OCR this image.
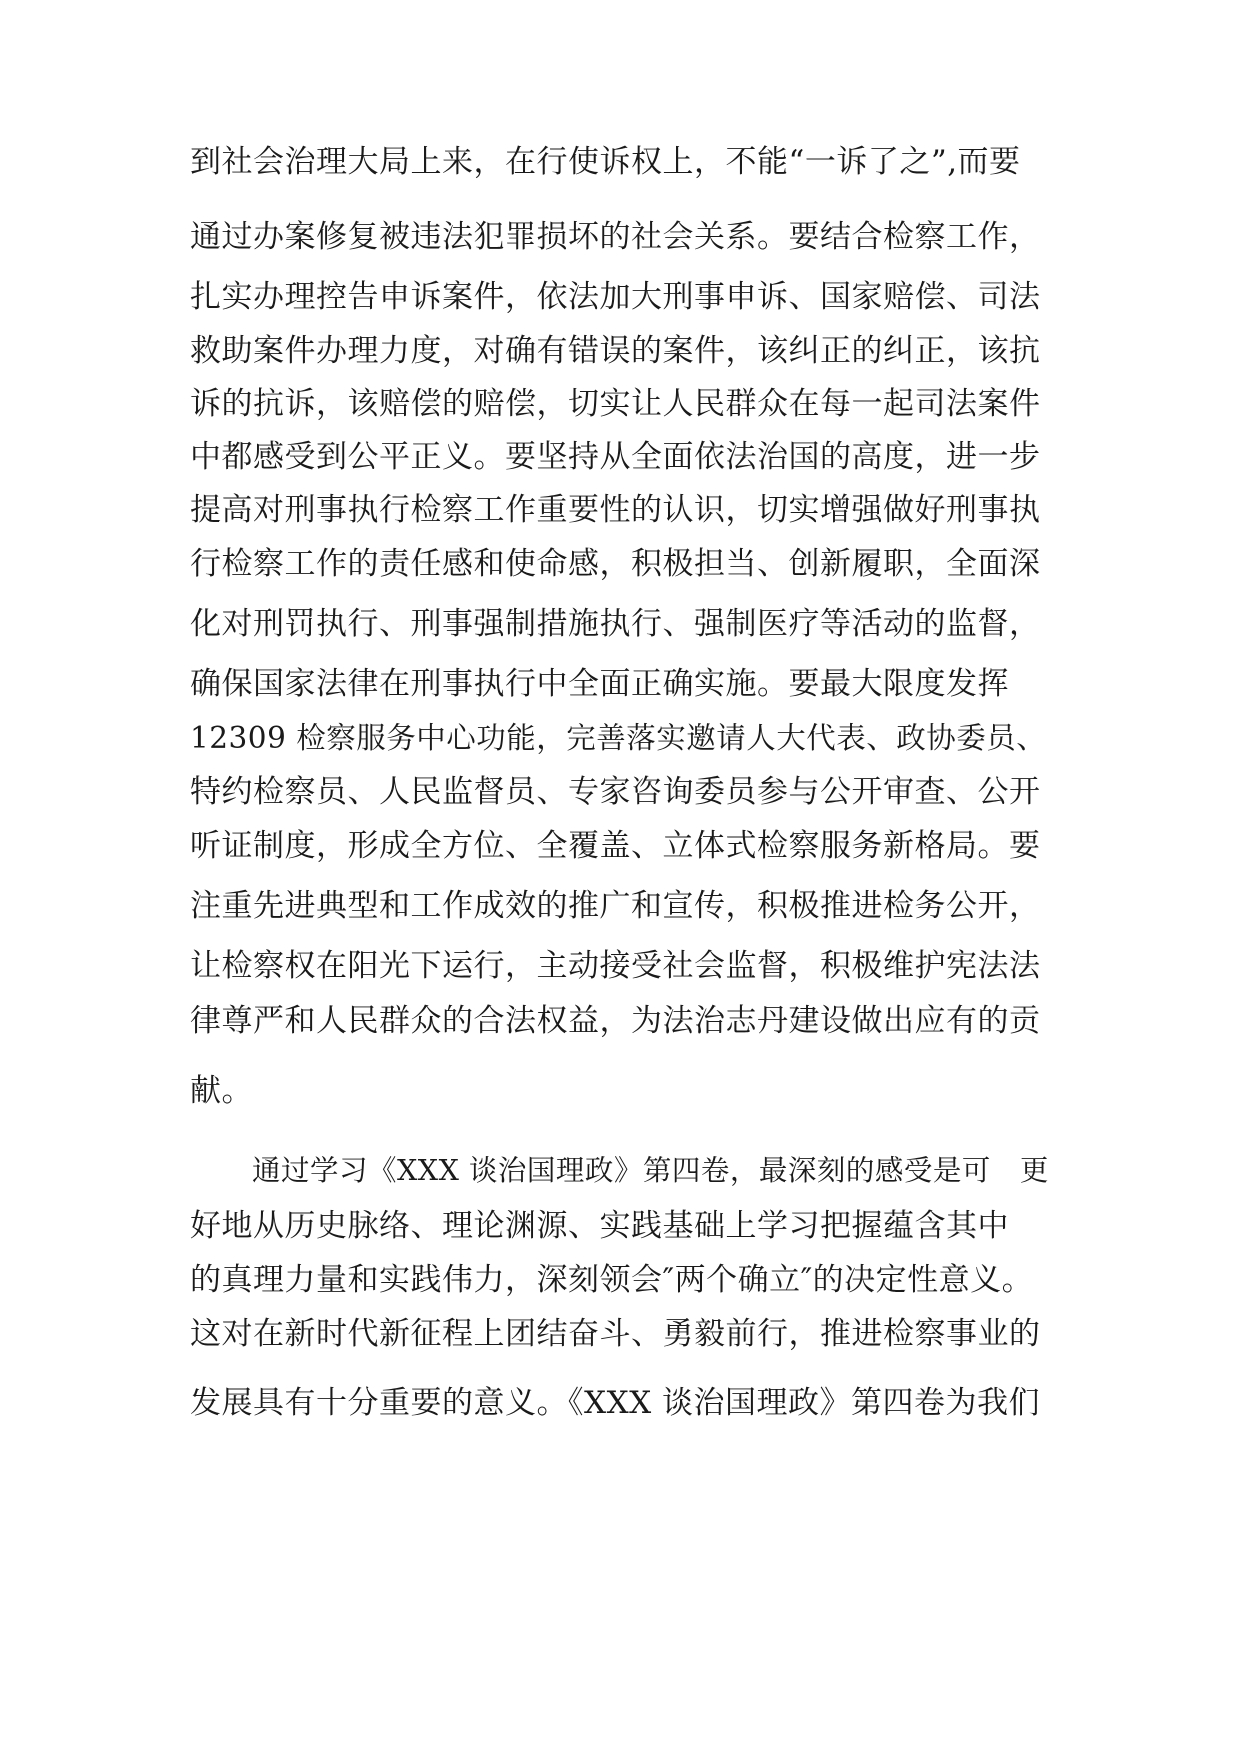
到社会治理大局上来，在行使诉权上，不能“一诉了之”,而要
通过办案修复被违法犯罪损坏的社会关系。要结合检察工作，
扎实办理控告申诉案件，依法加大刑事申诉、国家赔偿、司法
救助案件办理力度，对确有错误的案件，该纠正的纠正，该抗
诉的抗诉，该赔偿的赔偿，切实让人民群众在每一起司法案件
中都感受到公平正义。要坚持从全面依法治国的高度，进一步
提高对刑事执行检察工作重要性的认识，切实增强做好刑事执
行检察工作的责任感和使命感，积极担当、创新履职，全面深
化对刑罚执行、刑事强制措施执行、强制医疗等活动的监督，
确保国家法律在刑事执行中全面正确实施。要最大限度发挥
12309 检察服务中心功能，完善落实邀请人大代表、政协委员、
特约检察员、人民监督员、专家咨询委员参与公开审查、公开
听证制度，形成全方位、全覆盖、立体式检察服务新格局。要
注重先进典型和工作成效的推广和宣传，积极推进检务公开，
让检察权在阳光下运行，主动接受社会监督，积极维护宪法法
律尊严和人民群众的合法权益，为法治志丹建设做出应有的贡
献。
通过学习《XXX 谈治国理政》第四卷，最深刻的感受是可　更
好地从历史脉络、理论渊源、实践基础上学习把握蕴含其中
的真理力量和实践伟力，深刻领会″两个确立″的决定性意义。
这对在新时代新征程上团结奋斗、勇毅前行，推进检察事业的
发展具有十分重要的意义。《XXX 谈治国理政》第四卷为我们
